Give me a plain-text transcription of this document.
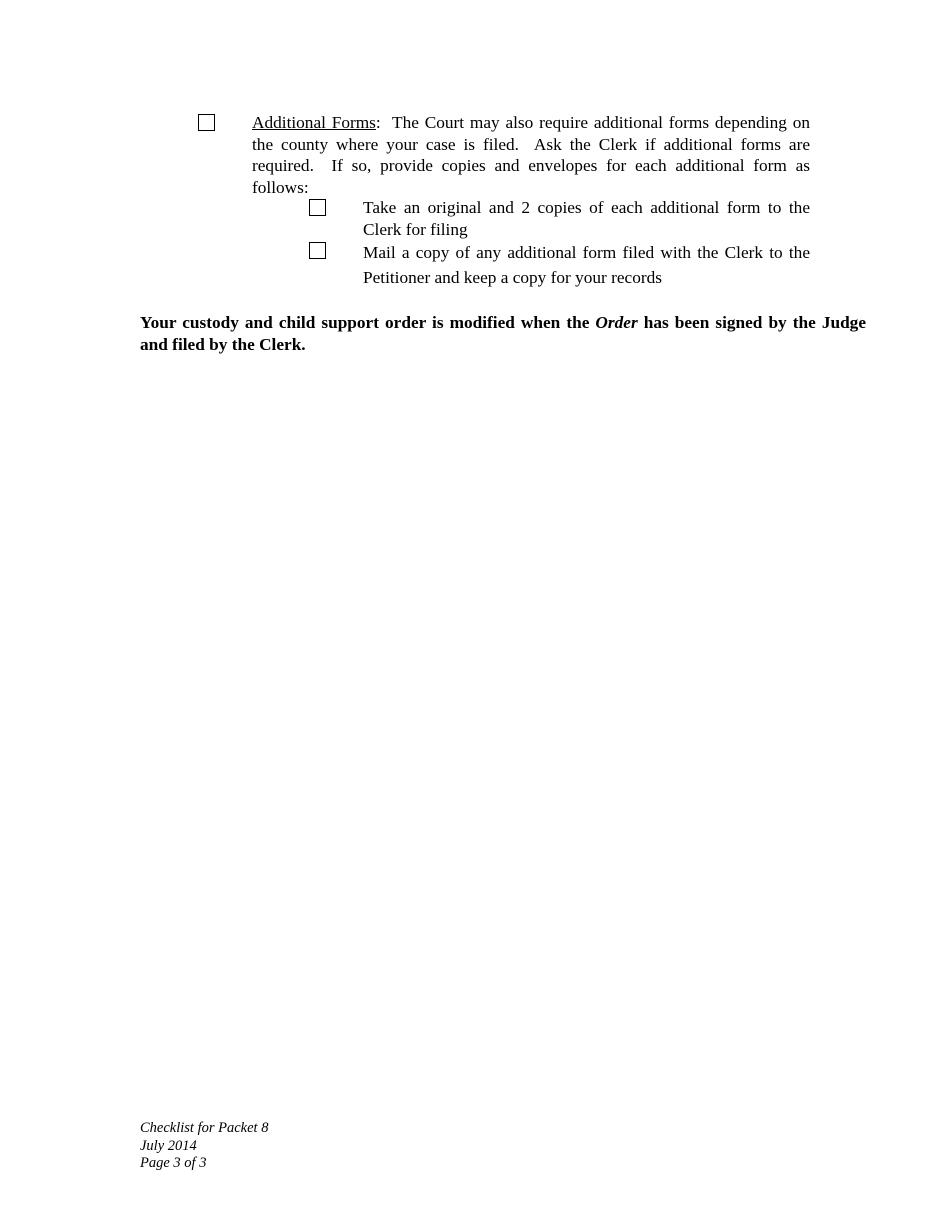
Additional Forms:  The Court may also require additional forms depending on the county where your case is filed.  Ask the Clerk if additional forms are required.  If so, provide copies and envelopes for each additional form as follows:
Take an original and 2 copies of each additional form to the Clerk for filing
Mail a copy of any additional form filed with the Clerk to the Petitioner and keep a copy for your records
Your custody and child support order is modified when the Order has been signed by the Judge and filed by the Clerk.
Checklist for Packet 8
July 2014
Page 3 of 3
